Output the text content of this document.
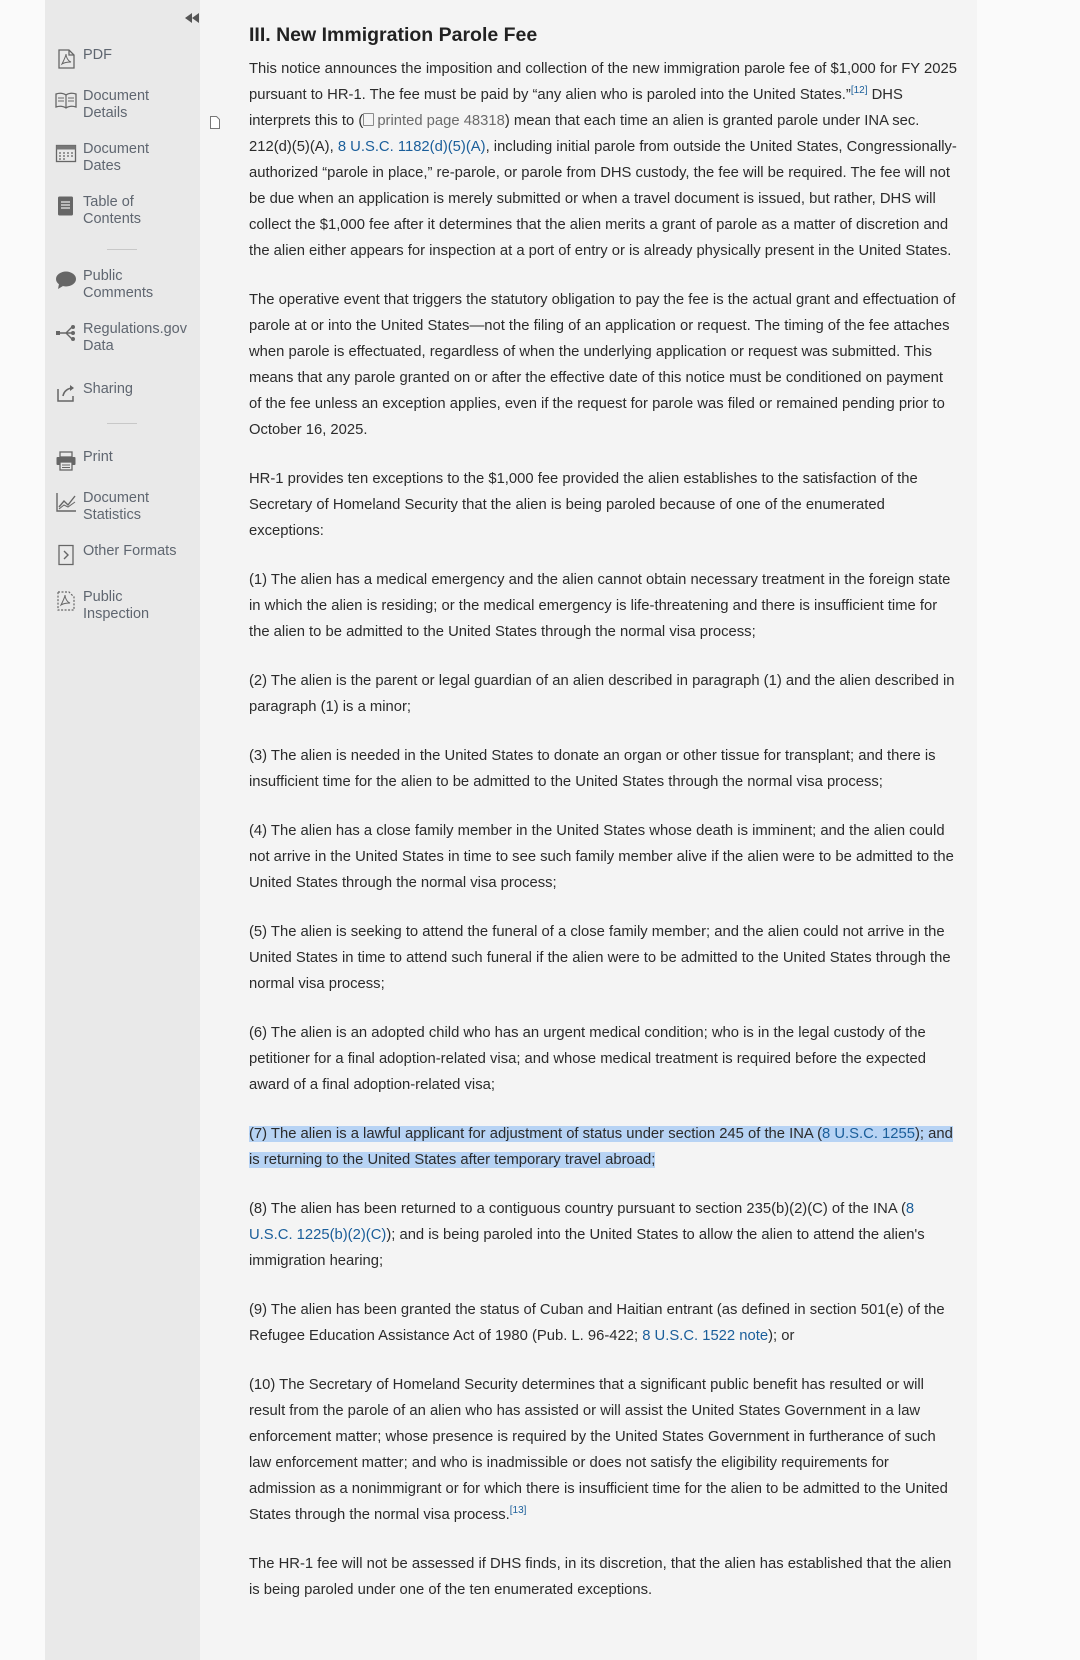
PDF
Document
Details
Document
Dates
Table of
Contents
Public
Comments
Regulations.gov
Data
Sharing
Print
Document
Statistics
Other Formats
Public
Inspection
III. New Immigration Parole Fee

This notice announces the imposition and collection of the new immigration parole fee of $1,000 for FY 2025 pursuant to HR-1. The fee must be paid by “any alien who is paroled into the United States.”[12] DHS interprets this to ( printed page 48318) mean that each time an alien is granted parole under INA sec. 212(d)(5)(A), 8 U.S.C. 1182(d)(5)(A), including initial parole from outside the United States, Congressionally-authorized “parole in place,” re-parole, or parole from DHS custody, the fee will be required. The fee will not be due when an application is merely submitted or when a travel document is issued, but rather, DHS will collect the $1,000 fee after it determines that the alien merits a grant of parole as a matter of discretion and the alien either appears for inspection at a port of entry or is already physically present in the United States.

The operative event that triggers the statutory obligation to pay the fee is the actual grant and effectuation of parole at or into the United States—not the filing of an application or request. The timing of the fee attaches when parole is effectuated, regardless of when the underlying application or request was submitted. This means that any parole granted on or after the effective date of this notice must be conditioned on payment of the fee unless an exception applies, even if the request for parole was filed or remained pending prior to October 16, 2025.

HR-1 provides ten exceptions to the $1,000 fee provided the alien establishes to the satisfaction of the Secretary of Homeland Security that the alien is being paroled because of one of the enumerated exceptions:

(1) The alien has a medical emergency and the alien cannot obtain necessary treatment in the foreign state in which the alien is residing; or the medical emergency is life-threatening and there is insufficient time for the alien to be admitted to the United States through the normal visa process;

(2) The alien is the parent or legal guardian of an alien described in paragraph (1) and the alien described in paragraph (1) is a minor;

(3) The alien is needed in the United States to donate an organ or other tissue for transplant; and there is insufficient time for the alien to be admitted to the United States through the normal visa process;

(4) The alien has a close family member in the United States whose death is imminent; and the alien could not arrive in the United States in time to see such family member alive if the alien were to be admitted to the United States through the normal visa process;

(5) The alien is seeking to attend the funeral of a close family member; and the alien could not arrive in the United States in time to attend such funeral if the alien were to be admitted to the United States through the normal visa process;

(6) The alien is an adopted child who has an urgent medical condition; who is in the legal custody of the petitioner for a final adoption-related visa; and whose medical treatment is required before the expected award of a final adoption-related visa;

(7) The alien is a lawful applicant for adjustment of status under section 245 of the INA (8 U.S.C. 1255); and is returning to the United States after temporary travel abroad;

(8) The alien has been returned to a contiguous country pursuant to section 235(b)(2)(C) of the INA (8 U.S.C. 1225(b)(2)(C)); and is being paroled into the United States to allow the alien to attend the alien's immigration hearing;

(9) The alien has been granted the status of Cuban and Haitian entrant (as defined in section 501(e) of the Refugee Education Assistance Act of 1980 (Pub. L. 96-422; 8 U.S.C. 1522 note); or

(10) The Secretary of Homeland Security determines that a significant public benefit has resulted or will result from the parole of an alien who has assisted or will assist the United States Government in a law enforcement matter; whose presence is required by the United States Government in furtherance of such law enforcement matter; and who is inadmissible or does not satisfy the eligibility requirements for admission as a nonimmigrant or for which there is insufficient time for the alien to be admitted to the United States through the normal visa process.[13]

The HR-1 fee will not be assessed if DHS finds, in its discretion, that the alien has established that the alien is being paroled under one of the ten enumerated exceptions.
